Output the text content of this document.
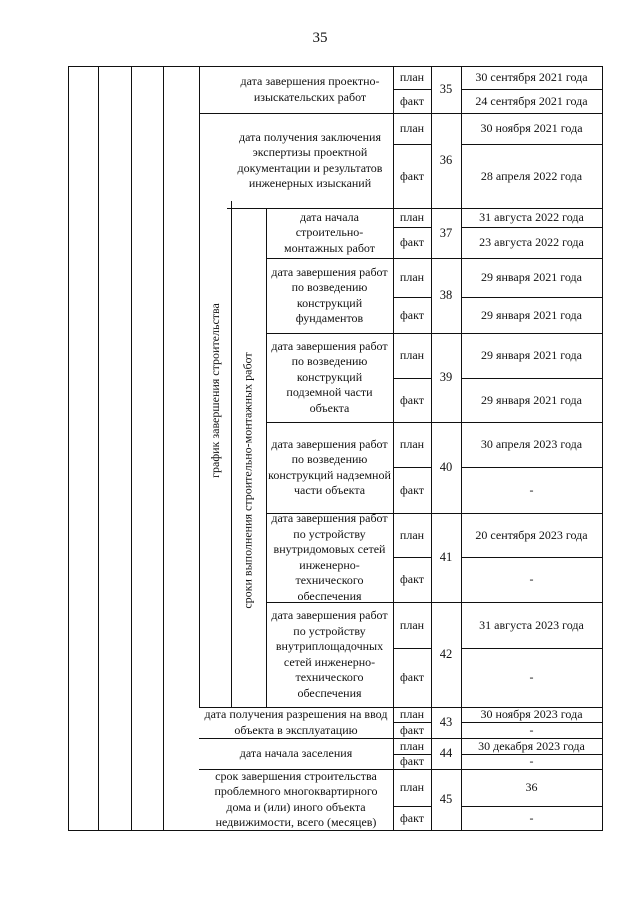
35
дата завершения проектно-изыскательских работ
план
факт
35
30 сентября 2021 года
24 сентября 2021 года
дата получения заключения экспертизы проектной документации и результатов инженерных изысканий
план
факт
36
30 ноября 2021 года
28 апреля 2022 года
дата начала строительно-монтажных работ
план
факт
37
31 августа 2022 года
23 августа 2022 года
дата завершения работ по возведению конструкций фундаментов
план
факт
38
29 января 2021 года
29 января 2021 года
дата завершения работ по возведению конструкций подземной части объекта
план
факт
39
29 января 2021 года
29 января 2021 года
дата завершения работ по возведению конструкций надземной части объекта
план
факт
40
30 апреля 2023 года
-
дата завершения работ по устройству внутридомовых сетей инженерно-технического обеспечения
план
факт
41
20 сентября 2023 года
-
дата завершения работ по устройству внутриплощадочных сетей инженерно-технического обеспечения
план
факт
42
31 августа 2023 года
-
дата получения разрешения на ввод объекта в эксплуатацию
план
факт
43
30 ноября 2023 года
-
дата начала заселения
план
факт
44
30 декабря 2023 года
-
срок завершения строительства проблемного многоквартирного дома и (или) иного объекта недвижимости, всего (месяцев)
план
факт
45
36
-
график завершения строительства сроки выполнения строительно-монтажных работ
